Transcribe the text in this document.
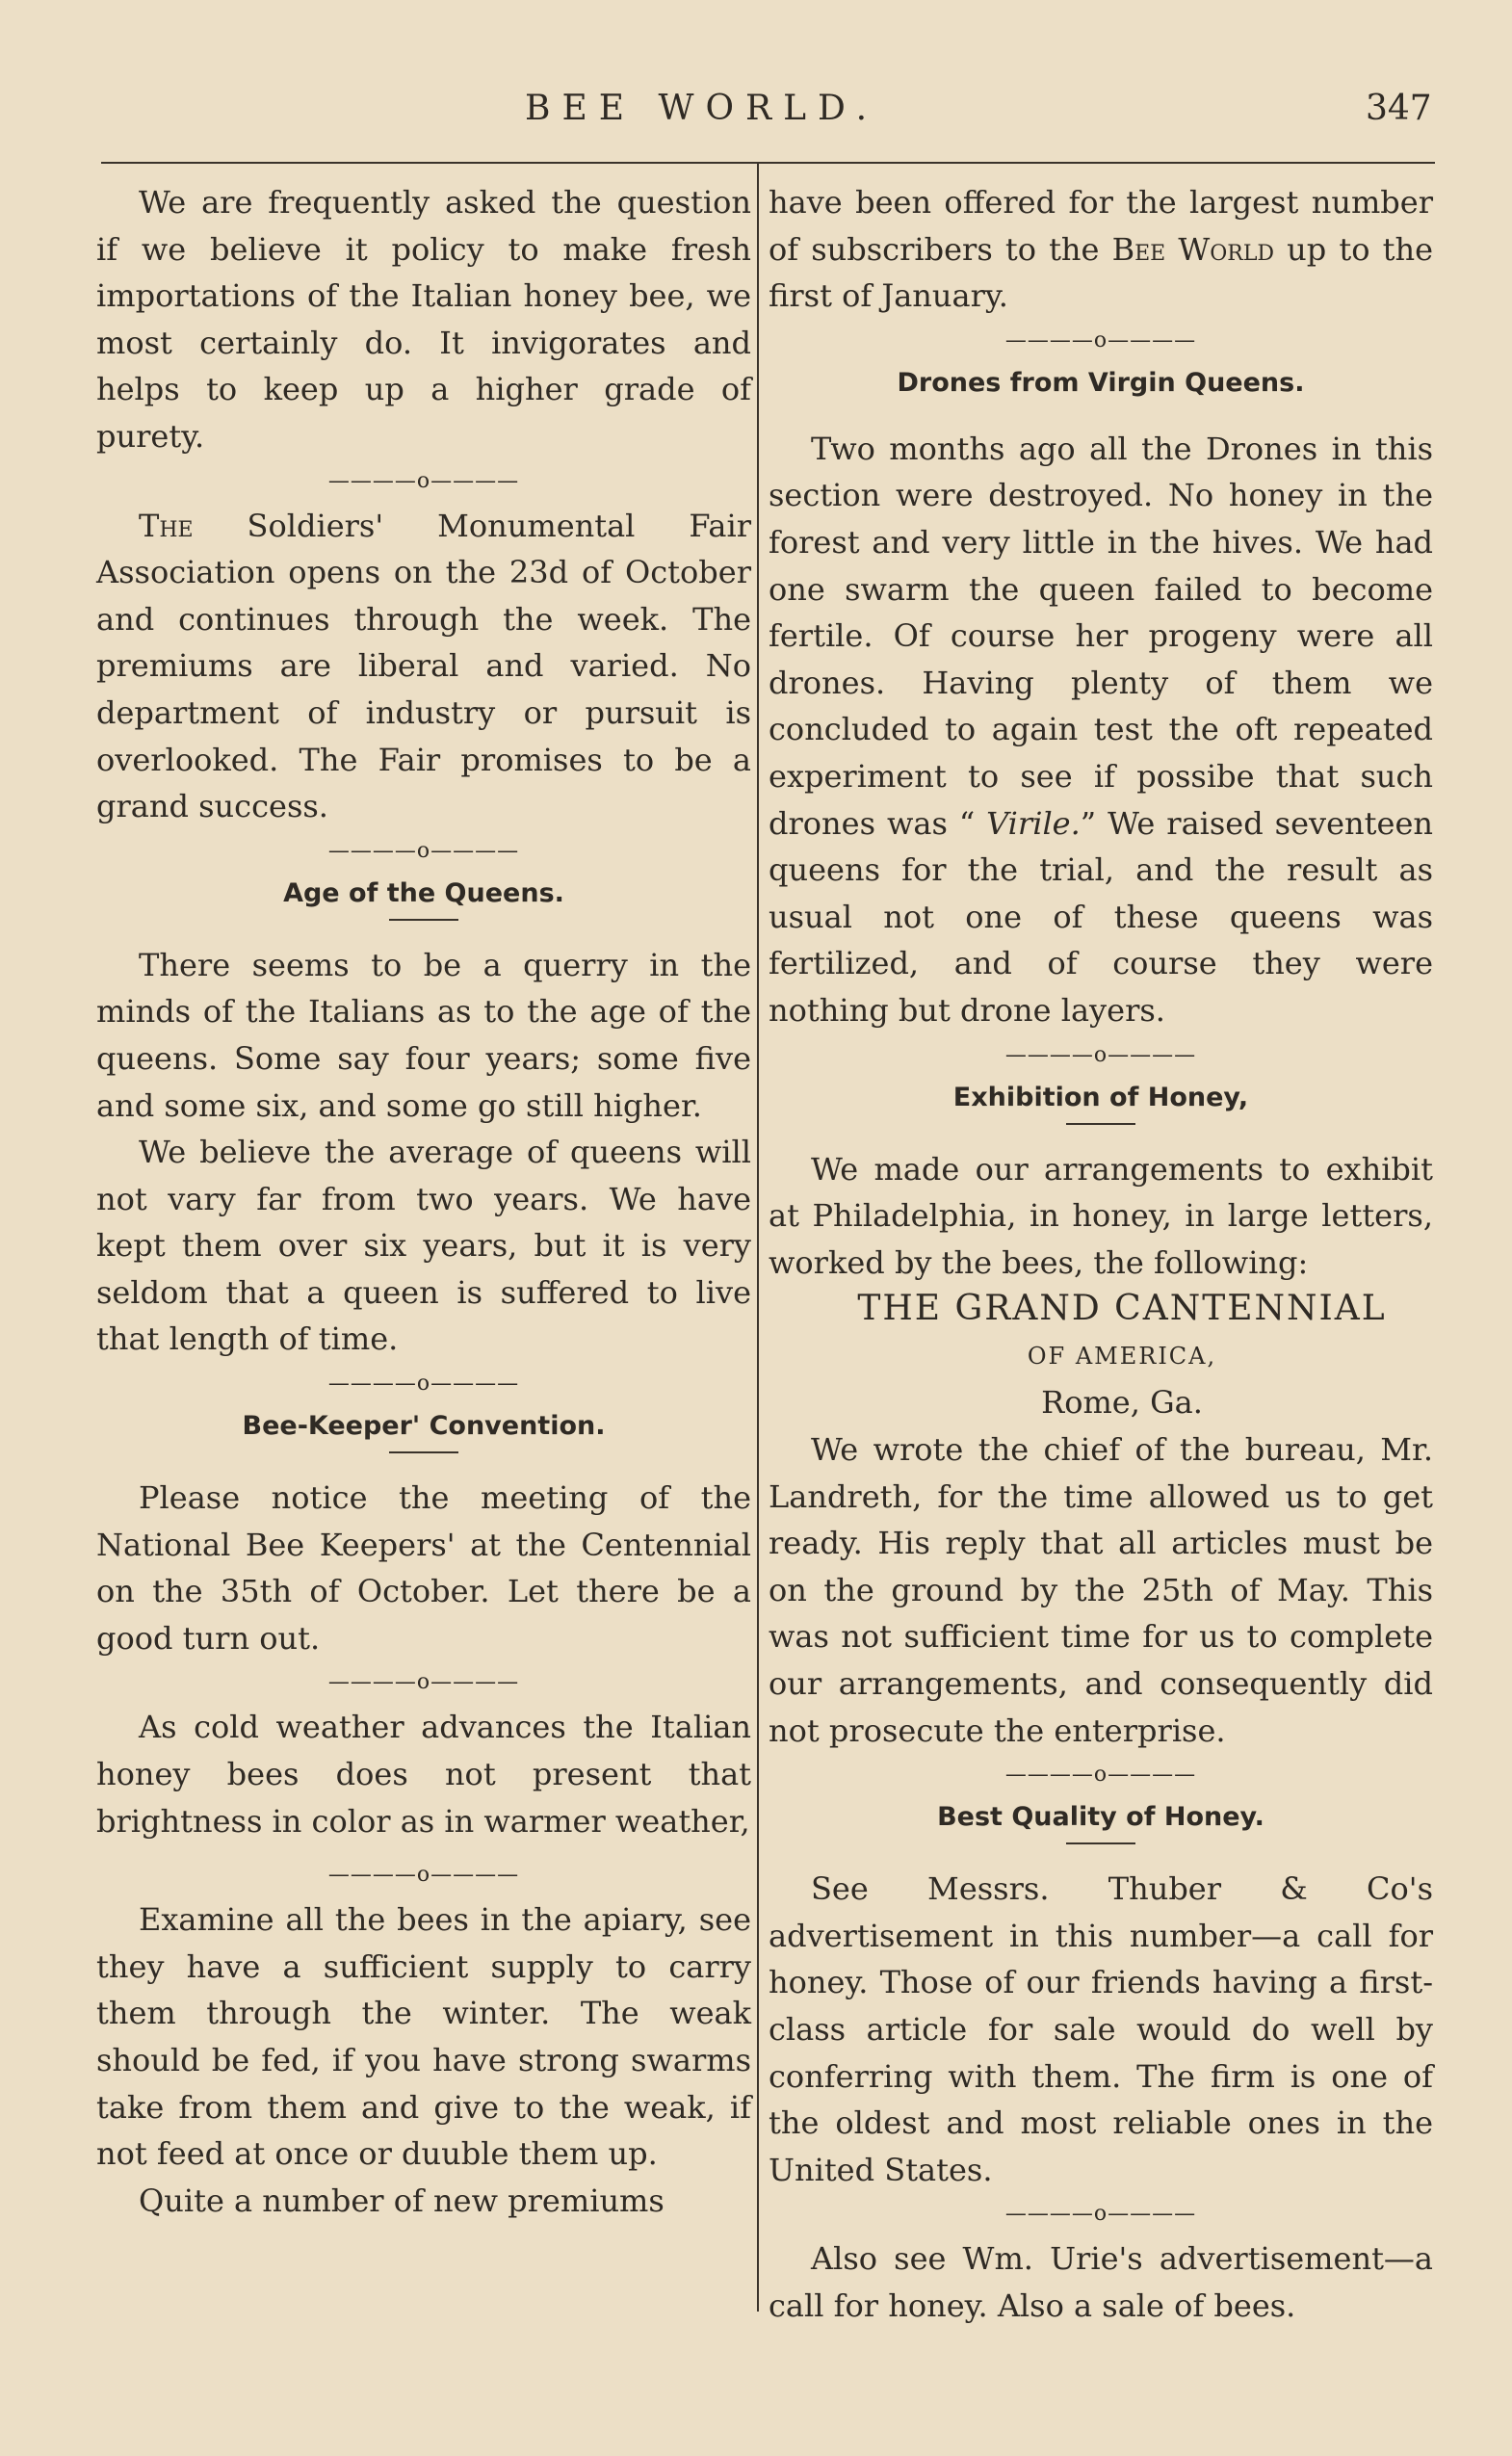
BEE WORLD.	347

We are frequently asked the question if we believe it policy to make fresh importations of the Italian honey bee, we most certainly do. It invigorates and helps to keep up a higher grade of purety.

————o————

The Soldiers' Monumental Fair Association opens on the 23d of October and continues through the week. The premiums are liberal and varied. No department of industry or pursuit is overlooked. The Fair promises to be a grand success.

————o————
Age of the Queens.

There seems to be a querry in the minds of the Italians as to the age of the queens. Some say four years; some five and some six, and some go still higher.

We believe the average of queens will not vary far from two years. We have kept them over six years, but it is very seldom that a queen is suffered to live that length of time.

————o————
Bee-Keeper' Convention.

Please notice the meeting of the National Bee Keepers' at the Centennial on the 35th of October. Let there be a good turn out.

————o————

As cold weather advances the Italian honey bees does not present that brightness in color as in warmer weather,

————o————

Examine all the bees in the apiary, see they have a sufficient supply to carry them through the winter. The weak should be fed, if you have strong swarms take from them and give to the weak, if not feed at once or duuble them up.

Quite a number of new premiums

have been offered for the largest number of subscribers to the Bee World up to the first of January.

————o————
Drones from Virgin Queens.

Two months ago all the Drones in this section were destroyed. No honey in the forest and very little in the hives. We had one swarm the queen failed to become fertile. Of course her progeny were all drones. Having plenty of them we concluded to again test the oft repeated experiment to see if possibe that such drones was “ Virile.” We raised seventeen queens for the trial, and the result as usual not one of these queens was fertilized, and of course they were nothing but drone layers.

————o————
Exhibition of Honey,

We made our arrangements to exhibit at Philadelphia, in honey, in large letters, worked by the bees, the following:

THE GRAND CANTENNIAL

OF AMERICA,

Rome, Ga.

We wrote the chief of the bureau, Mr. Landreth, for the time allowed us to get ready. His reply that all articles must be on the ground by the 25th of May. This was not sufficient time for us to complete our arrangements, and consequently did not prosecute the enterprise.

————o————
Best Quality of Honey.

See Messrs. Thuber & Co's advertisement in this number—a call for honey. Those of our friends having a first-class article for sale would do well by conferring with them. The firm is one of the oldest and most reliable ones in the United States.

————o————

Also see Wm. Urie's advertisement—a call for honey. Also a sale of bees.
